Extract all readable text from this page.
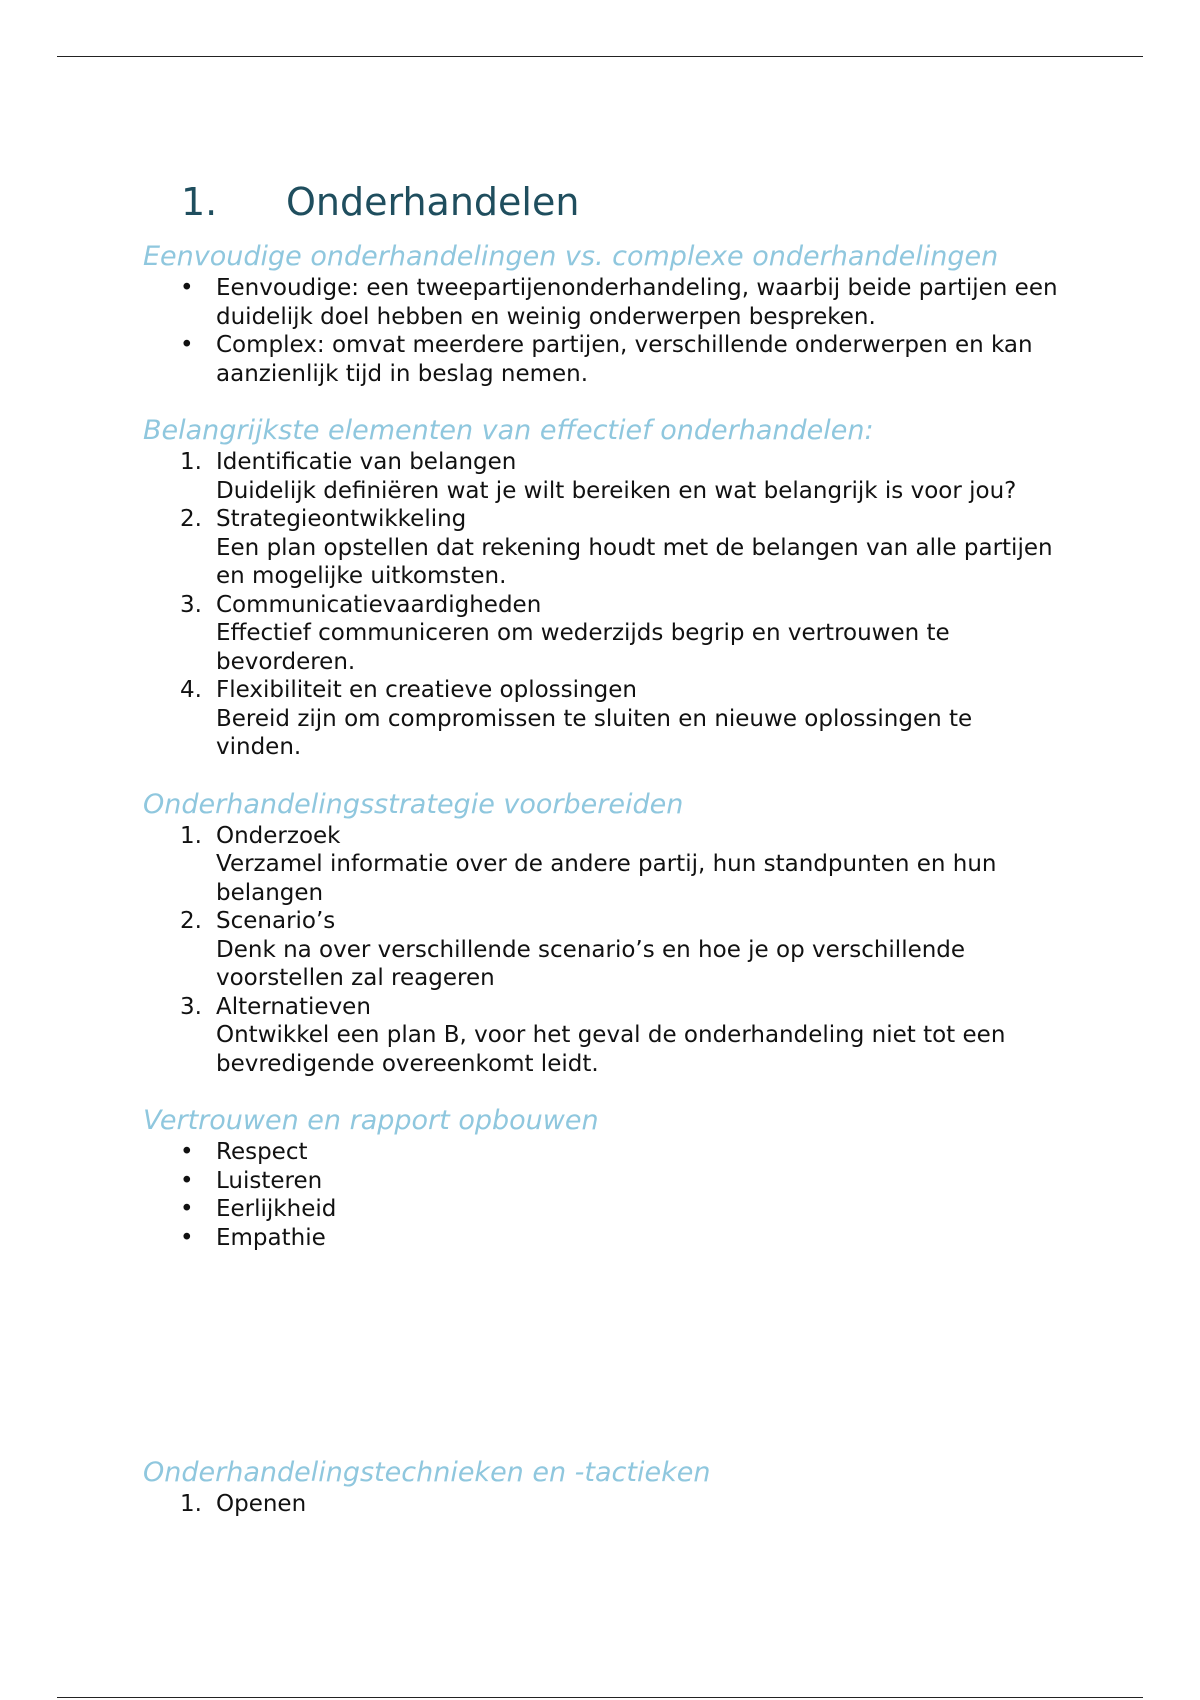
1.	Onderhandelen
Eenvoudige onderhandelingen vs. complexe onderhandelingen
• Eenvoudige: een tweepartijenonderhandeling, waarbij beide partijen een duidelijk doel hebben en weinig onderwerpen bespreken.
• Complex: omvat meerdere partijen, verschillende onderwerpen en kan aanzienlijk tijd in beslag nemen.
Belangrijkste elementen van effectief onderhandelen:
1. Identificatie van belangen
Duidelijk definiëren wat je wilt bereiken en wat belangrijk is voor jou?
2. Strategieontwikkeling
Een plan opstellen dat rekening houdt met de belangen van alle partijen en mogelijke uitkomsten.
3. Communicatievaardigheden
Effectief communiceren om wederzijds begrip en vertrouwen te bevorderen.
4. Flexibiliteit en creatieve oplossingen
Bereid zijn om compromissen te sluiten en nieuwe oplossingen te vinden.
Onderhandelingsstrategie voorbereiden
1. Onderzoek
Verzamel informatie over de andere partij, hun standpunten en hun belangen
2. Scenario’s
Denk na over verschillende scenario’s en hoe je op verschillende voorstellen zal reageren
3. Alternatieven
Ontwikkel een plan B, voor het geval de onderhandeling niet tot een bevredigende overeenkomt leidt.
Vertrouwen en rapport opbouwen
• Respect
• Luisteren
• Eerlijkheid
• Empathie
Onderhandelingstechnieken en -tactieken
1. Openen
